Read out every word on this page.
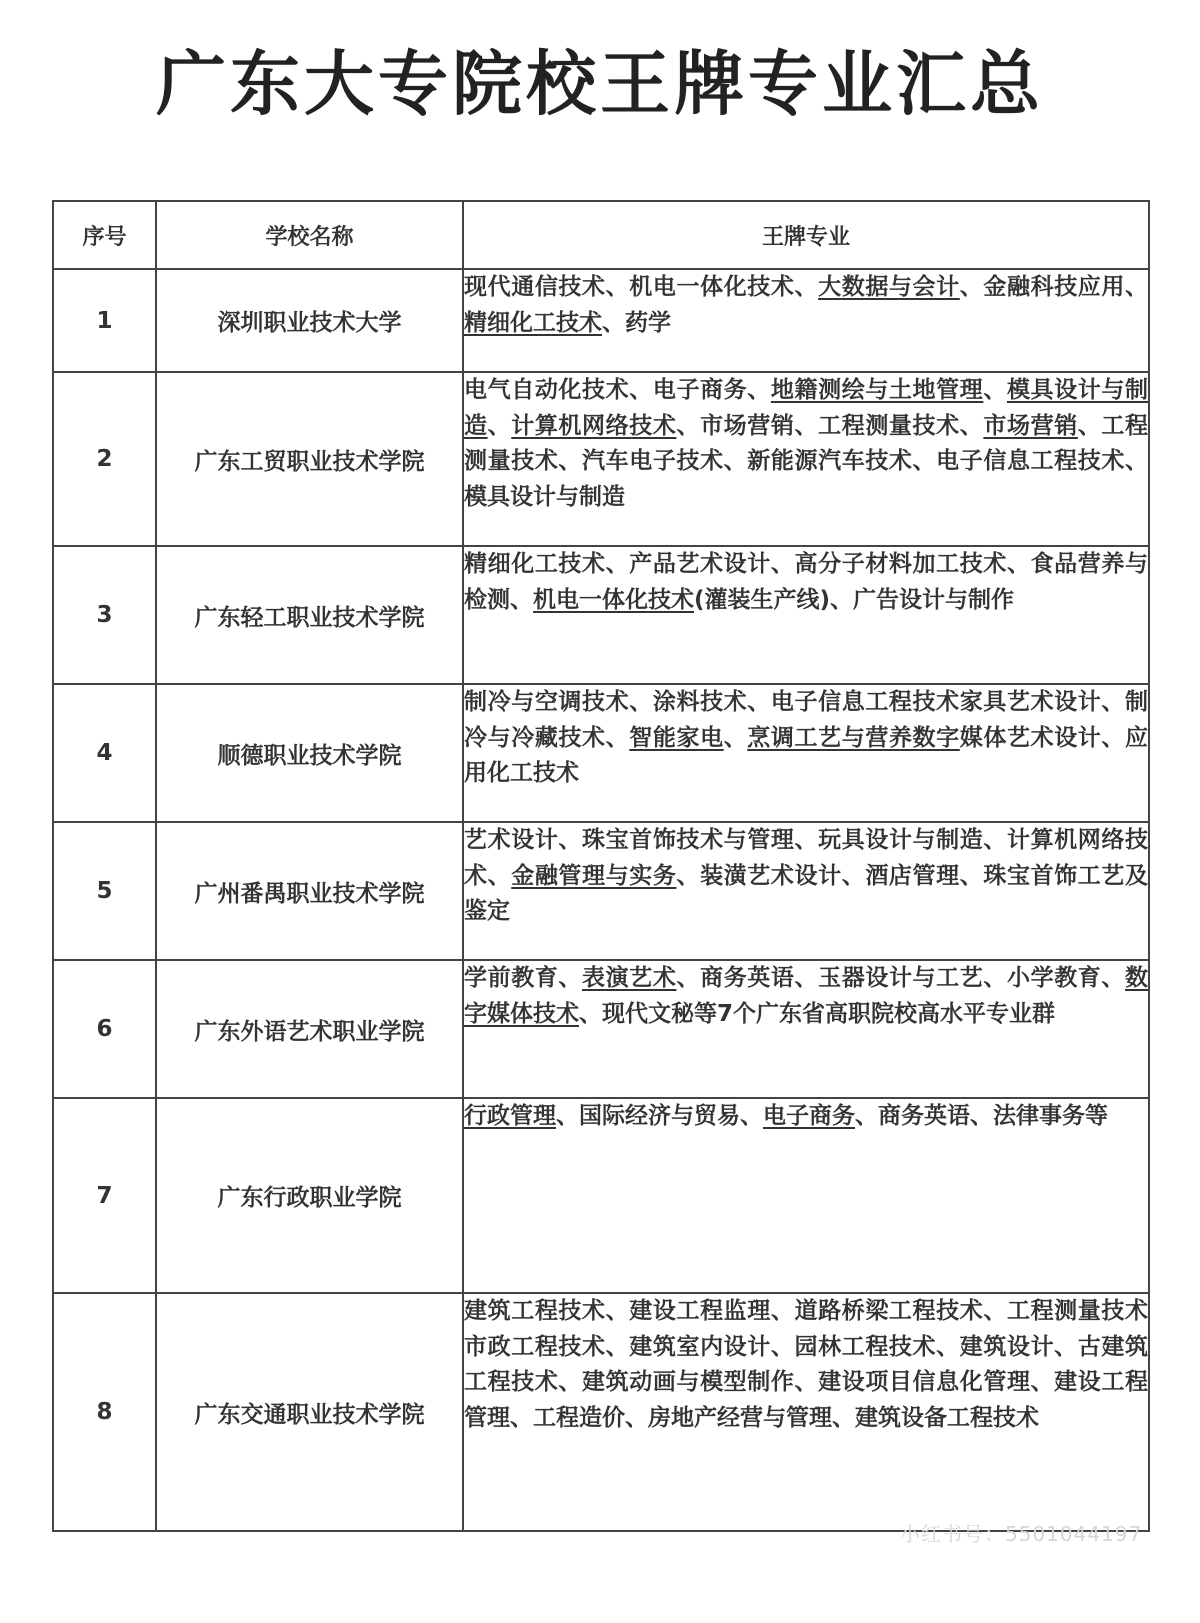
广东大专院校王牌专业汇总
序号	学校名称	王牌专业
1	深圳职业技术大学	现代通信技术、机电一体化技术、大数据与会计、金融科技应用、精细化工技术、药学
2	广东工贸职业技术学院	电气自动化技术、电子商务、地籍测绘与土地管理、模具设计与制造、计算机网络技术、市场营销、工程测量技术、市场营销、工程测量技术、汽车电子技术、新能源汽车技术、电子信息工程技术、模具设计与制造
3	广东轻工职业技术学院	精细化工技术、产品艺术设计、高分子材料加工技术、食品营养与检测、机电一体化技术(灌装生产线)、广告设计与制作
4	顺德职业技术学院	制冷与空调技术、涂料技术、电子信息工程技术家具艺术设计、制冷与冷藏技术、智能家电、烹调工艺与营养数字媒体艺术设计、应用化工技术
5	广州番禺职业技术学院	艺术设计、珠宝首饰技术与管理、玩具设计与制造、计算机网络技术、金融管理与实务、装潢艺术设计、酒店管理、珠宝首饰工艺及鉴定
6	广东外语艺术职业学院	学前教育、表演艺术、商务英语、玉器设计与工艺、小学教育、数字媒体技术、现代文秘等7个广东省高职院校高水平专业群
7	广东行政职业学院	行政管理、国际经济与贸易、电子商务、商务英语、法律事务等
8	广东交通职业技术学院	建筑工程技术、建设工程监理、道路桥梁工程技术、工程测量技术市政工程技术、建筑室内设计、园林工程技术、建筑设计、古建筑工程技术、建筑动画与模型制作、建设项目信息化管理、建设工程管理、工程造价、房地产经营与管理、建筑设备工程技术
小红书号：5501044197
